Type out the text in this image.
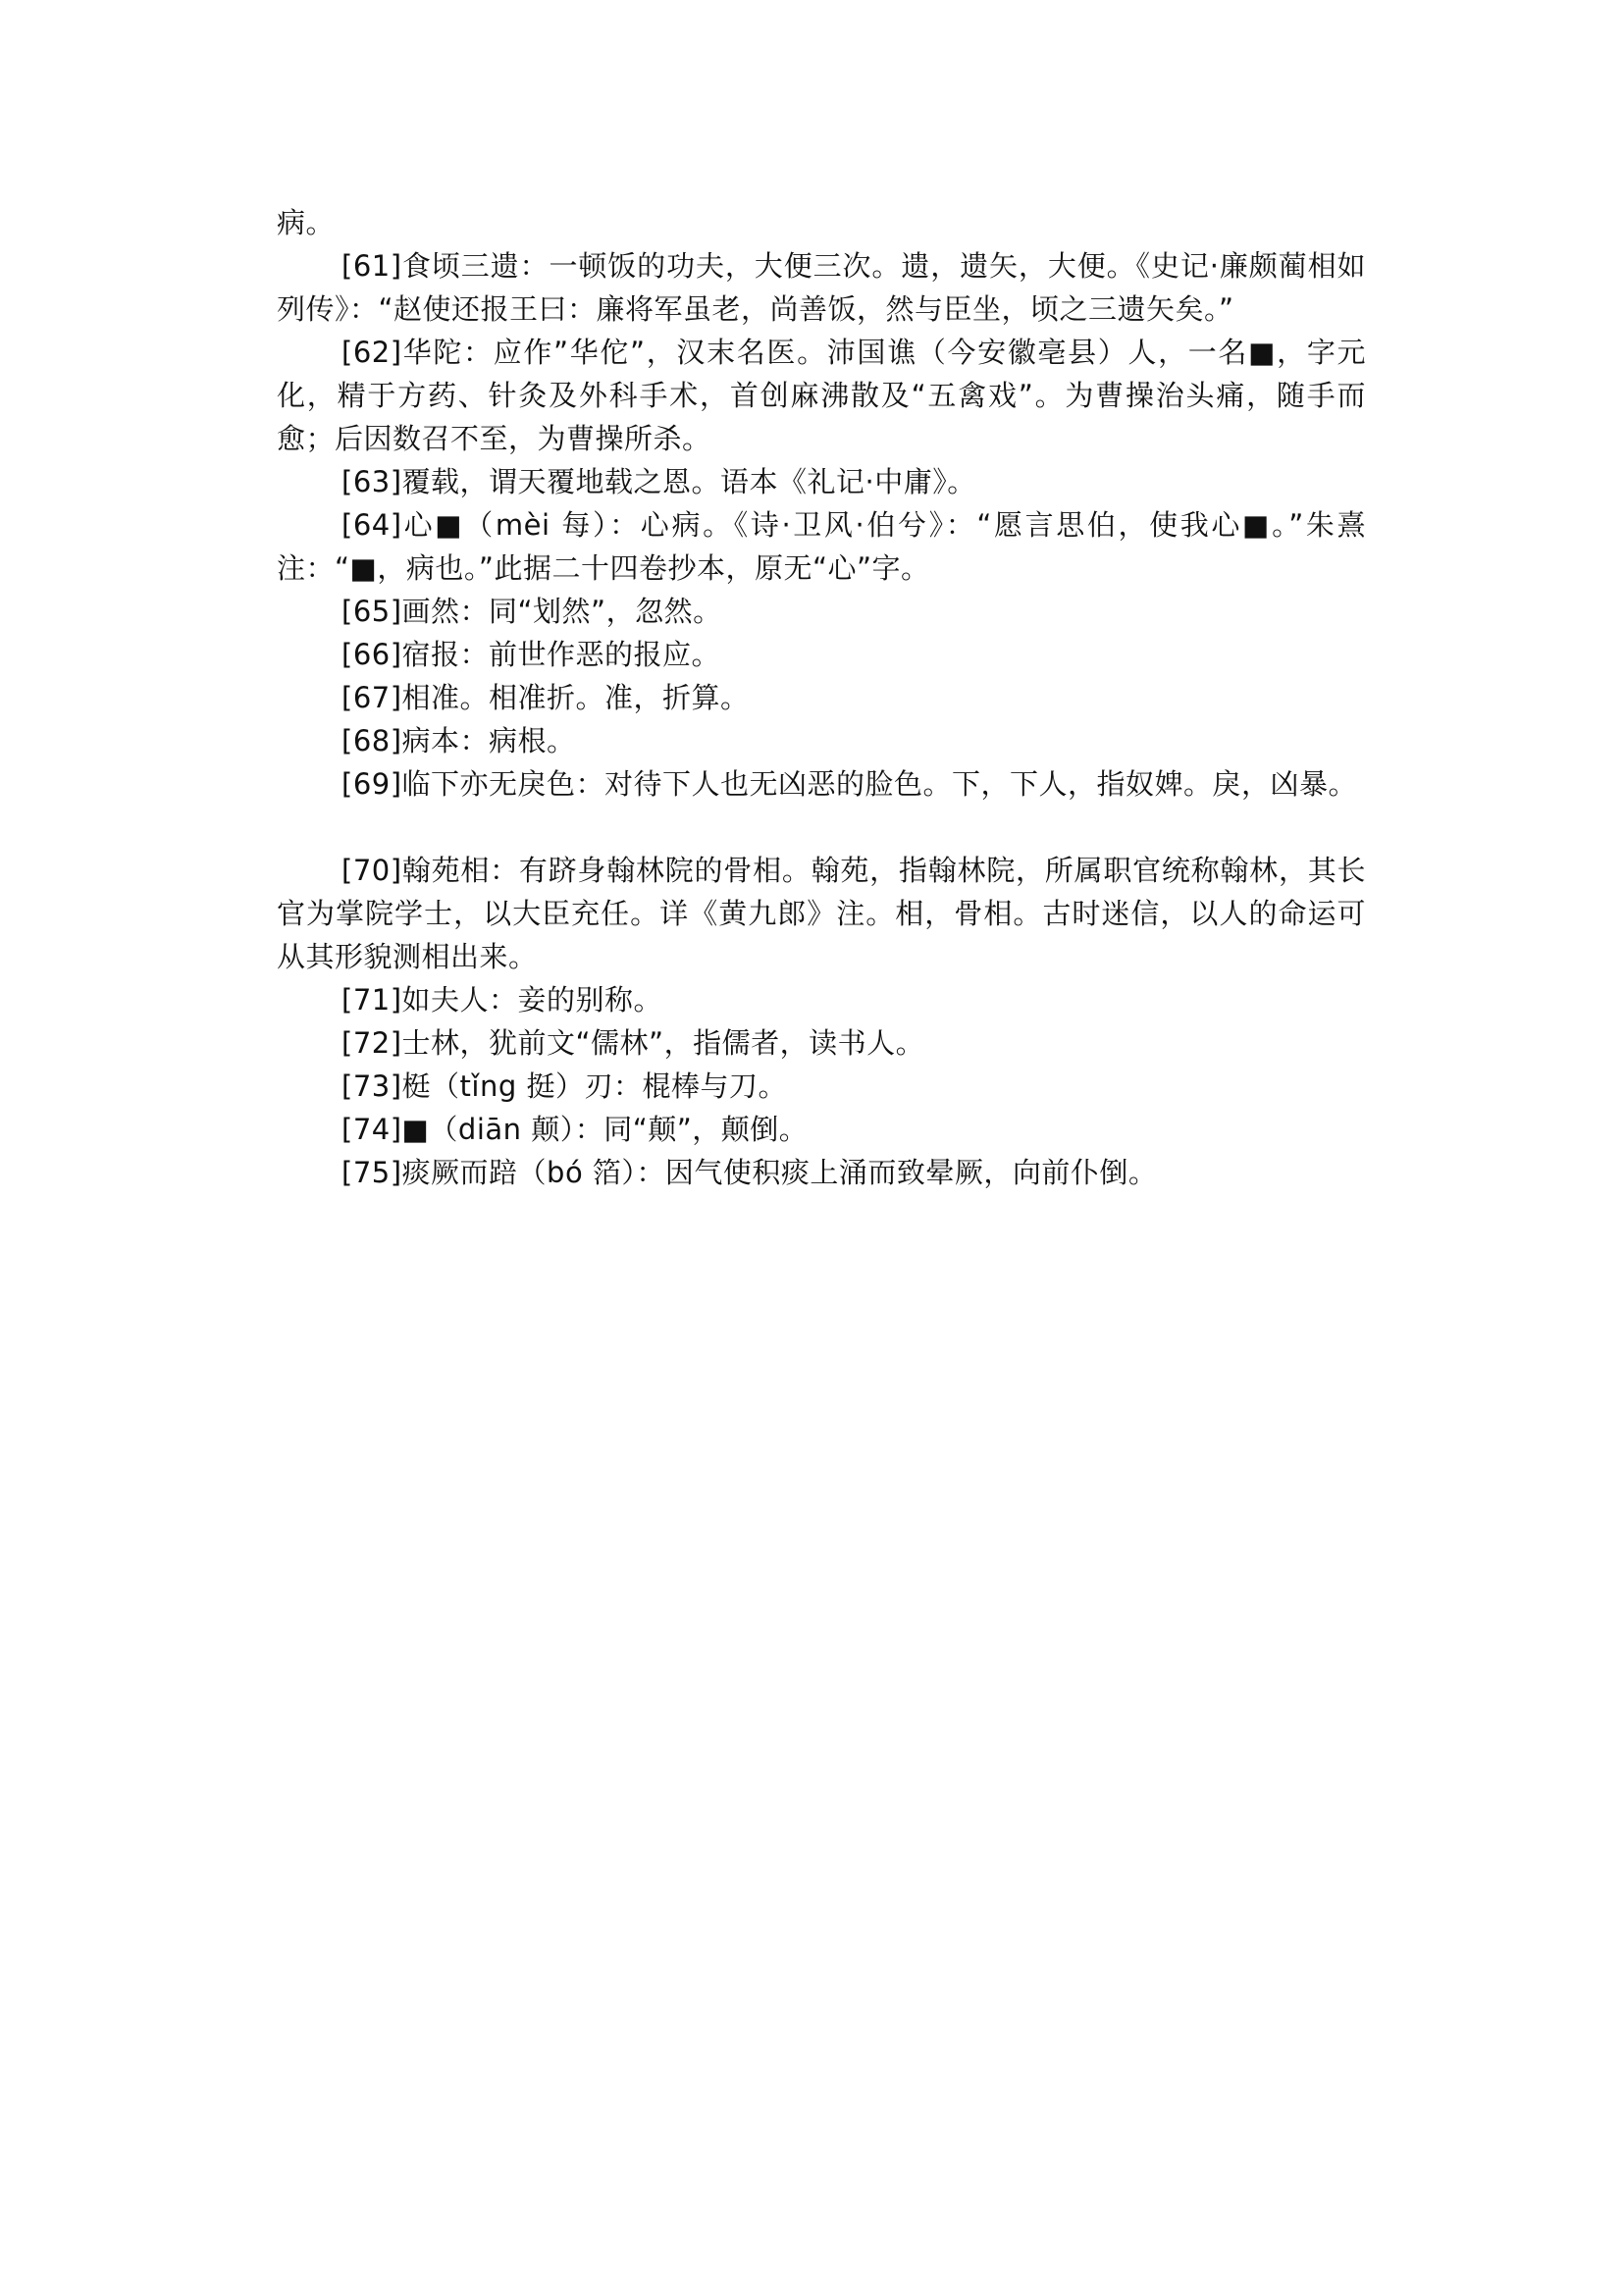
病。

[61]食顷三遗：一顿饭的功夫，大便三次。遗，遗矢，大便。《史记·廉颇蔺相如列传》：“赵使还报王曰：廉将军虽老，尚善饭，然与臣坐，顷之三遗矢矣。”

[62]华陀：应作”华佗”，汉末名医。沛国谯（今安徽亳县）人，一名■，字元化，精于方药、针灸及外科手术，首创麻沸散及“五禽戏”。为曹操治头痛，随手而愈；后因数召不至，为曹操所杀。

[63]覆载，谓天覆地载之恩。语本《礼记·中庸》。

[64]心■（mèi 每）：心病。《诗·卫风·伯兮》：“愿言思伯，使我心■。”朱熹注：“■，病也。”此据二十四卷抄本，原无“心”字。

[65]画然：同“划然”，忽然。

[66]宿报：前世作恶的报应。

[67]相准。相准折。准，折算。

[68]病本：病根。

[69]临下亦无戾色：对待下人也无凶恶的脸色。下，下人，指奴婢。戾，凶暴。

[70]翰苑相：有跻身翰林院的骨相。翰苑，指翰林院，所属职官统称翰林，其长官为掌院学士，以大臣充任。详《黄九郎》注。相，骨相。古时迷信，以人的命运可从其形貌测相出来。

[71]如夫人：妾的别称。

[72]士林，犹前文“儒林”，指儒者，读书人。

[73]梃（tǐng 挺）刃：棍棒与刀。

[74]■（diān 颠）：同“颠”，颠倒。

[75]痰厥而踣（bó 箔）：因气使积痰上涌而致晕厥，向前仆倒。
